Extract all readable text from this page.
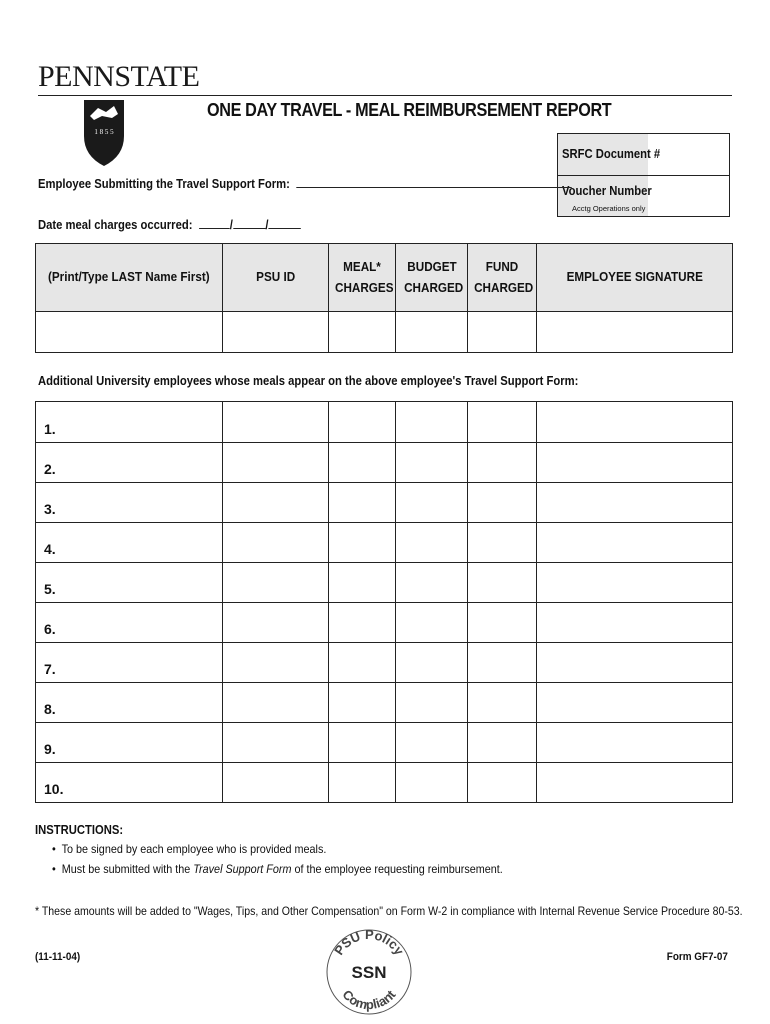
PENNSTATE
1 8 5 5
ONE DAY TRAVEL - MEAL REIMBURSEMENT REPORT
SRFC Document #
Voucher Number
Acctg Operations only
Employee Submitting the Travel Support Form:
Date meal charges occurred:	/	/
(Print/Type LAST Name First)	PSU ID	MEAL* CHARGES	BUDGET CHARGED	FUND CHARGED	EMPLOYEE SIGNATURE

Additional University employees whose meals appear on the above employee's Travel Support Form:
1.					
2.					
3.					
4.					
5.					
6.					
7.					
8.					
9.					
10.					
INSTRUCTIONS:
•  To be signed by each employee who is provided meals.
•  Must be submitted with the Travel Support Form of the employee requesting reimbursement.
* These amounts will be added to "Wages, Tips, and Other Compensation" on Form W-2 in compliance with Internal Revenue Service Procedure 80-53.
(11-11-04)	Form GF7-07
PSU Policy
Compliant
SSN
